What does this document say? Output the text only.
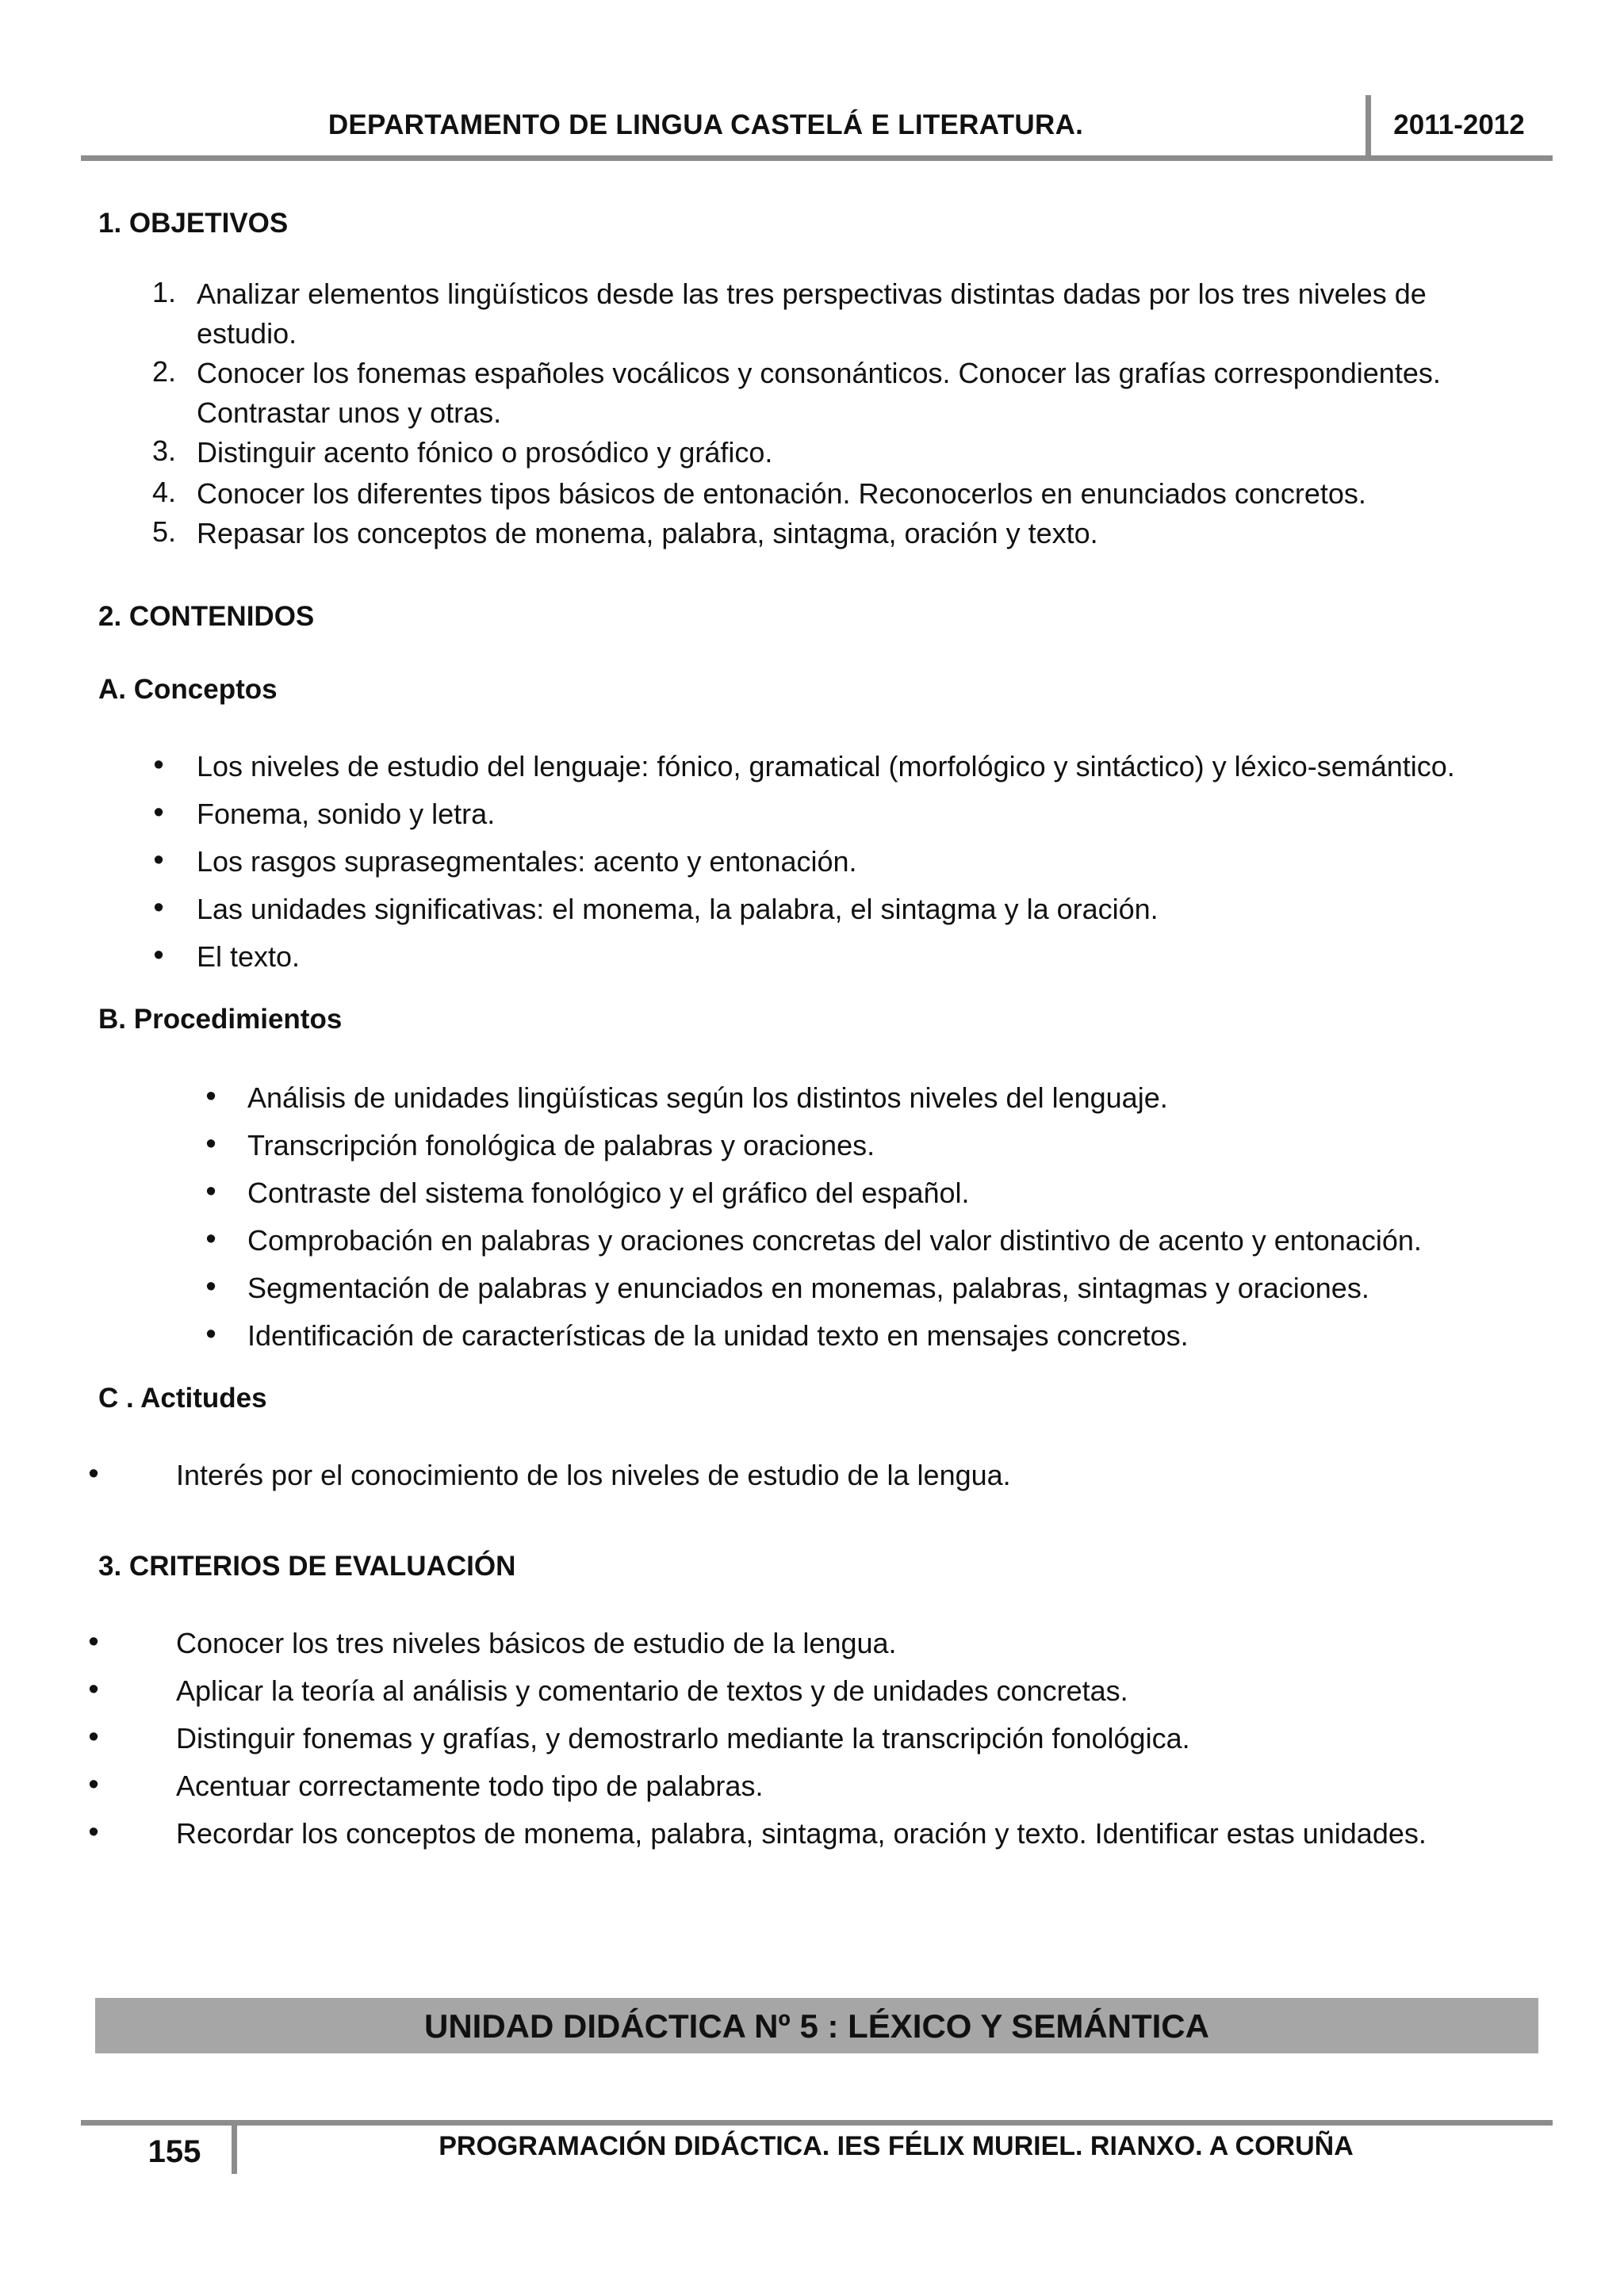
DEPARTAMENTO DE LINGUA CASTELÁ E LITERATURA.	2011-2012
1. OBJETIVOS
1. Analizar elementos lingüísticos desde las tres perspectivas distintas dadas por los tres niveles de
estudio.
2. Conocer los fonemas españoles vocálicos y consonánticos. Conocer las grafías correspondientes.
Contrastar unos y otras.
3. Distinguir acento fónico o prosódico y gráfico.
4. Conocer los diferentes tipos básicos de entonación. Reconocerlos en enunciados concretos.
5. Repasar los conceptos de monema, palabra, sintagma, oración y texto.
2. CONTENIDOS
A. Conceptos
•	Los niveles de estudio del lenguaje: fónico, gramatical (morfológico y sintáctico) y léxico-semántico.
•	Fonema, sonido y letra.
•	Los rasgos suprasegmentales: acento y entonación.
•	Las unidades significativas: el monema, la palabra, el sintagma y la oración.
•	El texto.
B. Procedimientos
•	Análisis de unidades lingüísticas según los distintos niveles del lenguaje.
•	Transcripción fonológica de palabras y oraciones.
•	Contraste del sistema fonológico y el gráfico del español.
•	Comprobación en palabras y oraciones concretas del valor distintivo de acento y entonación.
•	Segmentación de palabras y enunciados en monemas, palabras, sintagmas y oraciones.
•	Identificación de características de la unidad texto en mensajes concretos.
C . Actitudes
•	Interés por el conocimiento de los niveles de estudio de la lengua.
3. CRITERIOS DE EVALUACIÓN
•	Conocer los tres niveles básicos de estudio de la lengua.
•	Aplicar la teoría al análisis y comentario de textos y de unidades concretas.
•	Distinguir fonemas y grafías, y demostrarlo mediante la transcripción fonológica.
•	Acentuar correctamente todo tipo de palabras.
•	Recordar los conceptos de monema, palabra, sintagma, oración y texto. Identificar estas unidades.
UNIDAD DIDÁCTICA Nº 5 : LÉXICO Y SEMÁNTICA
155	PROGRAMACIÓN DIDÁCTICA. IES FÉLIX MURIEL. RIANXO. A CORUÑA
